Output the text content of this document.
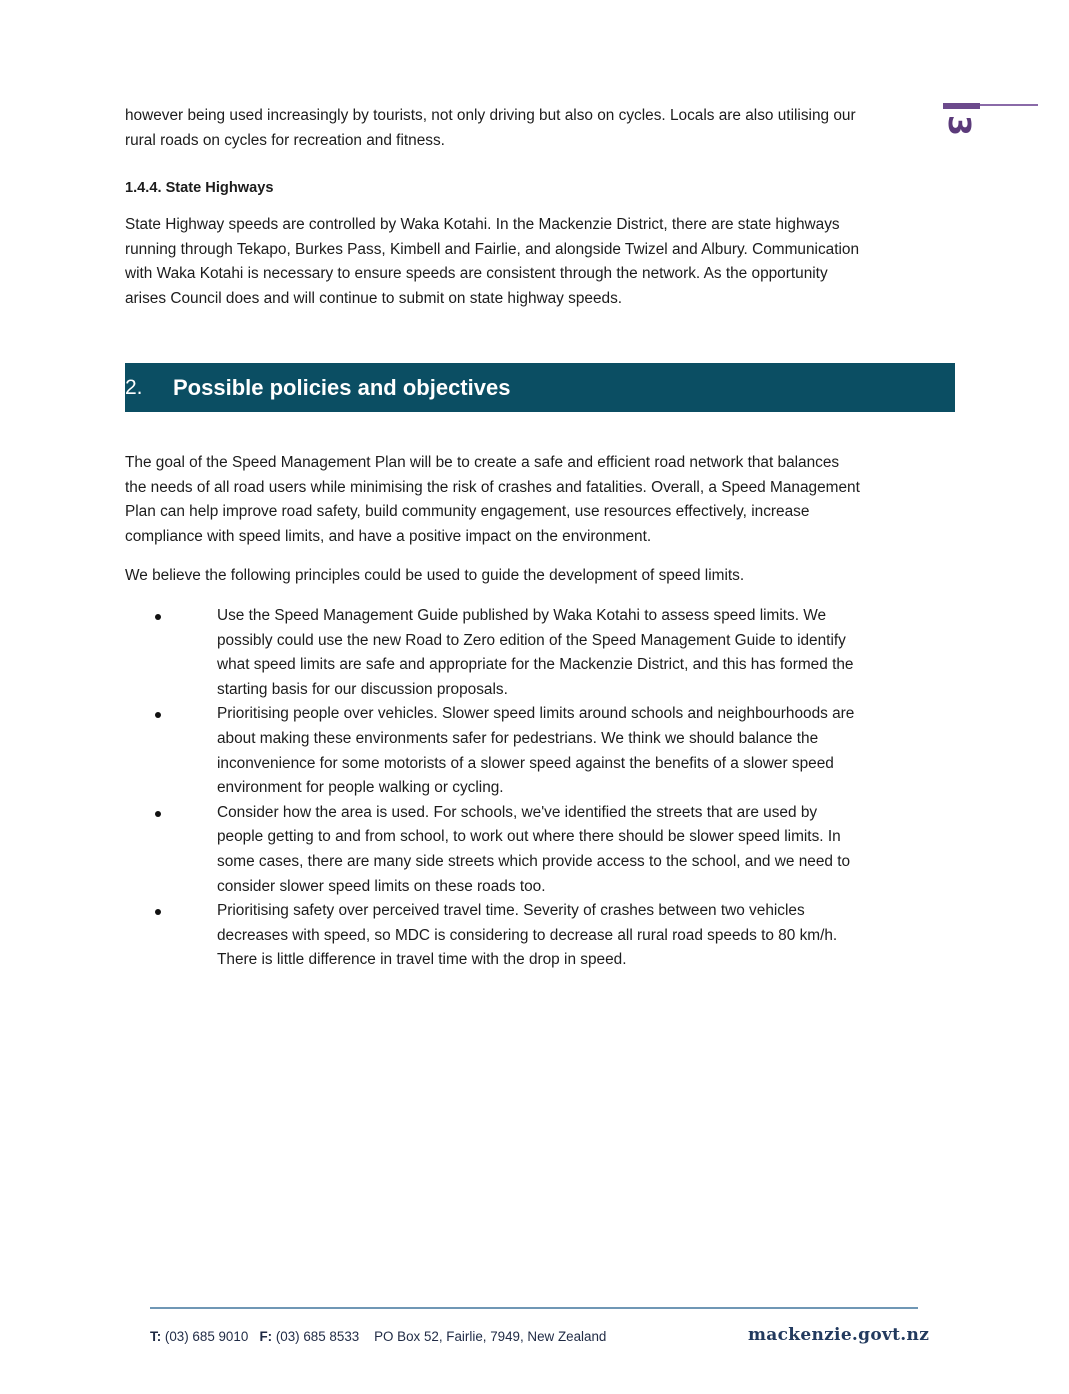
3
however being used increasingly by tourists, not only driving but also on cycles. Locals are also utilising our
rural roads on cycles for recreation and fitness.
1.4.4. State Highways
State Highway speeds are controlled by Waka Kotahi. In the Mackenzie District, there are state highways
running through Tekapo, Burkes Pass, Kimbell and Fairlie, and alongside Twizel and Albury. Communication
with Waka Kotahi is necessary to ensure speeds are consistent through the network. As the opportunity
arises Council does and will continue to submit on state highway speeds.
2.	Possible policies and objectives
The goal of the Speed Management Plan will be to create a safe and efficient road network that balances
the needs of all road users while minimising the risk of crashes and fatalities. Overall, a Speed Management
Plan can help improve road safety, build community engagement, use resources effectively, increase
compliance with speed limits, and have a positive impact on the environment.
We believe the following principles could be used to guide the development of speed limits.
Use the Speed Management Guide published by Waka Kotahi to assess speed limits. We
possibly could use the new Road to Zero edition of the Speed Management Guide to identify
what speed limits are safe and appropriate for the Mackenzie District, and this has formed the
starting basis for our discussion proposals.
Prioritising people over vehicles. Slower speed limits around schools and neighbourhoods are
about making these environments safer for pedestrians. We think we should balance the
inconvenience for some motorists of a slower speed against the benefits of a slower speed
environment for people walking or cycling.
Consider how the area is used. For schools, we've identified the streets that are used by
people getting to and from school, to work out where there should be slower speed limits. In
some cases, there are many side streets which provide access to the school, and we need to
consider slower speed limits on these roads too.
Prioritising safety over perceived travel time. Severity of crashes between two vehicles
decreases with speed, so MDC is considering to decrease all rural road speeds to 80 km/h.
There is little difference in travel time with the drop in speed.
T: (03) 685 9010 F: (03) 685 8533 PO Box 52, Fairlie, 7949, New Zealand	mackenzie.govt.nz
